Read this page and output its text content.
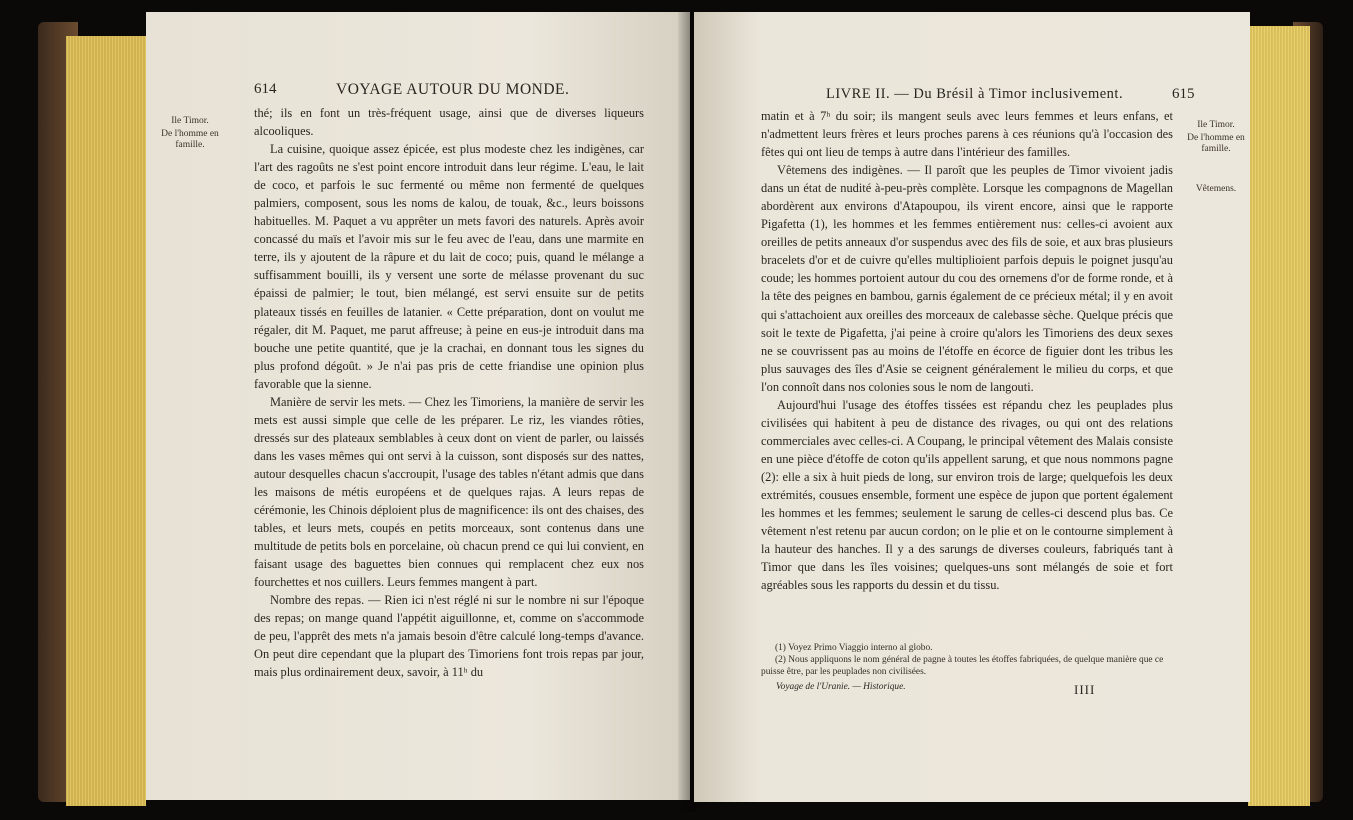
Ile Timor.
De l'homme en famille.
614	VOYAGE AUTOUR DU MONDE.

thé; ils en font un très-fréquent usage, ainsi que de diverses liqueurs alcooliques.

La cuisine, quoique assez épicée, est plus modeste chez les indigènes, car l'art des ragoûts ne s'est point encore introduit dans leur régime. L'eau, le lait de coco, et parfois le suc fermenté ou même non fermenté de quelques palmiers, composent, sous les noms de kalou, de touak, &c., leurs boissons habituelles. M. Paquet a vu apprêter un mets favori des naturels. Après avoir concassé du maïs et l'avoir mis sur le feu avec de l'eau, dans une marmite en terre, ils y ajoutent de la râpure et du lait de coco; puis, quand le mélange a suffisamment bouilli, ils y versent une sorte de mélasse provenant du suc épaissi de palmier; le tout, bien mélangé, est servi ensuite sur de petits plateaux tissés en feuilles de latanier. « Cette préparation, dont on voulut me régaler, dit M. Paquet, me parut affreuse; à peine en eus-je introduit dans ma bouche une petite quantité, que je la crachai, en donnant tous les signes du plus profond dégoût. » Je n'ai pas pris de cette friandise une opinion plus favorable que la sienne.

Manière de servir les mets. — Chez les Timoriens, la manière de servir les mets est aussi simple que celle de les préparer. Le riz, les viandes rôties, dressés sur des plateaux semblables à ceux dont on vient de parler, ou laissés dans les vases mêmes qui ont servi à la cuisson, sont disposés sur des nattes, autour desquelles chacun s'accroupit, l'usage des tables n'étant admis que dans les maisons de métis européens et de quelques rajas. A leurs repas de cérémonie, les Chinois déploient plus de magnificence: ils ont des chaises, des tables, et leurs mets, coupés en petits morceaux, sont contenus dans une multitude de petits bols en porcelaine, où chacun prend ce qui lui convient, en faisant usage des baguettes bien connues qui remplacent chez eux nos fourchettes et nos cuillers. Leurs femmes mangent à part.

Nombre des repas. — Rien ici n'est réglé ni sur le nombre ni sur l'époque des repas; on mange quand l'appétit aiguillonne, et, comme on s'accommode de peu, l'apprêt des mets n'a jamais besoin d'être calculé long-temps d'avance. On peut dire cependant que la plupart des Timoriens font trois repas par jour, mais plus ordinairement deux, savoir, à 11ʰ du

LIVRE II. — Du Brésil à Timor inclusivement.	615
Ile Timor.
De l'homme en famille.
Vêtemens.

matin et à 7ʰ du soir; ils mangent seuls avec leurs femmes et leurs enfans, et n'admettent leurs frères et leurs proches parens à ces réunions qu'à l'occasion des fêtes qui ont lieu de temps à autre dans l'intérieur des familles.

Vêtemens des indigènes. — Il paroît que les peuples de Timor vivoient jadis dans un état de nudité à-peu-près complète. Lorsque les compagnons de Magellan abordèrent aux environs d'Atapoupou, ils virent encore, ainsi que le rapporte Pigafetta (1), les hommes et les femmes entièrement nus: celles-ci avoient aux oreilles de petits anneaux d'or suspendus avec des fils de soie, et aux bras plusieurs bracelets d'or et de cuivre qu'elles multiplioient parfois depuis le poignet jusqu'au coude; les hommes portoient autour du cou des ornemens d'or de forme ronde, et à la tête des peignes en bambou, garnis également de ce précieux métal; il y en avoit qui s'attachoient aux oreilles des morceaux de calebasse sèche. Quelque précis que soit le texte de Pigafetta, j'ai peine à croire qu'alors les Timoriens des deux sexes ne se couvrissent pas au moins de l'étoffe en écorce de figuier dont les tribus les plus sauvages des îles d'Asie se ceignent généralement le milieu du corps, et que l'on connoît dans nos colonies sous le nom de langouti.

Aujourd'hui l'usage des étoffes tissées est répandu chez les peuplades plus civilisées qui habitent à peu de distance des rivages, ou qui ont des relations commerciales avec celles-ci. A Coupang, le principal vêtement des Malais consiste en une pièce d'étoffe de coton qu'ils appellent sarung, et que nous nommons pagne (2): elle a six à huit pieds de long, sur environ trois de large; quelquefois les deux extrémités, cousues ensemble, forment une espèce de jupon que portent également les hommes et les femmes; seulement le sarung de celles-ci descend plus bas. Ce vêtement n'est retenu par aucun cordon; on le plie et on le contourne simplement à la hauteur des hanches. Il y a des sarungs de diverses couleurs, fabriqués tant à Timor que dans les îles voisines; quelques-uns sont mélangés de soie et fort agréables sous les rapports du dessin et du tissu.

(1) Voyez Primo Viaggio interno al globo.

(2) Nous appliquons le nom général de pagne à toutes les étoffes fabriquées, de quelque manière que ce puisse être, par les peuplades non civilisées.

Voyage de l'Uranie. — Historique.	IIII
